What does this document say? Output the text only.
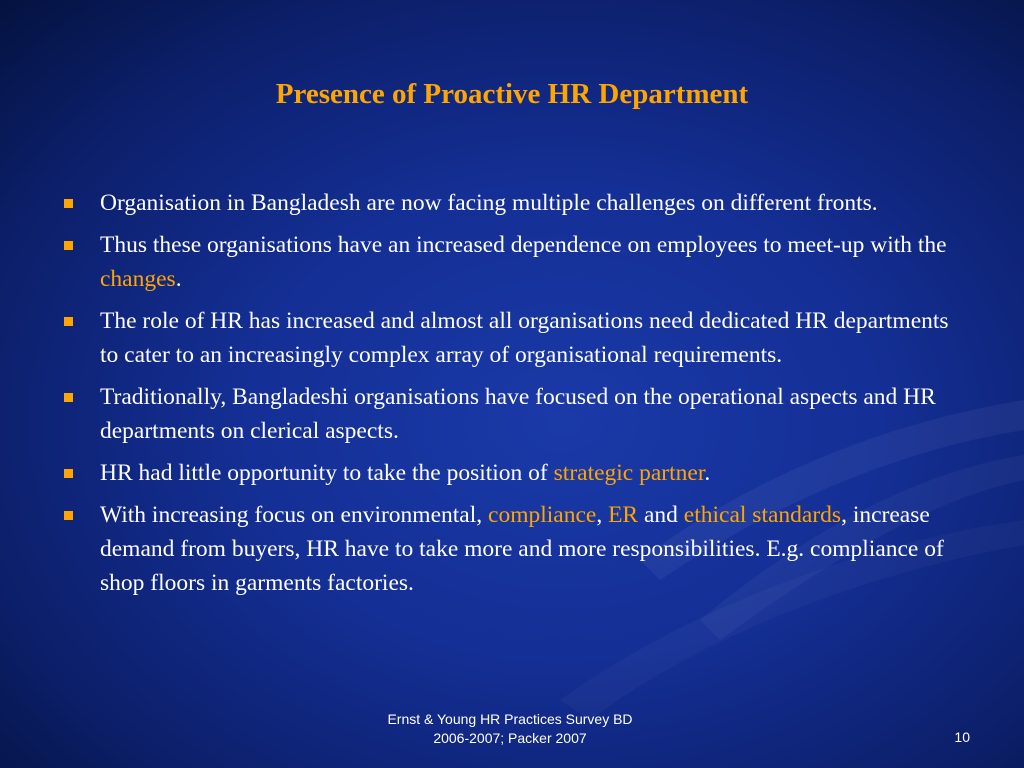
Presence of Proactive HR Department
Organisation in Bangladesh are now facing multiple challenges on different fronts.
Thus these organisations have an increased dependence on employees to meet-up with the changes.
The role of HR has increased and almost all organisations need dedicated HR departments to cater to an increasingly complex array of organisational requirements.
Traditionally, Bangladeshi organisations have focused on the operational aspects and HR departments on clerical aspects.
HR had little opportunity to take the position of strategic partner.
With increasing focus on environmental, compliance, ER and ethical standards, increase demand from buyers, HR have to take more and more responsibilities. E.g. compliance of shop floors in garments factories.
Ernst & Young HR Practices Survey BD
2006-2007; Packer 2007	10
